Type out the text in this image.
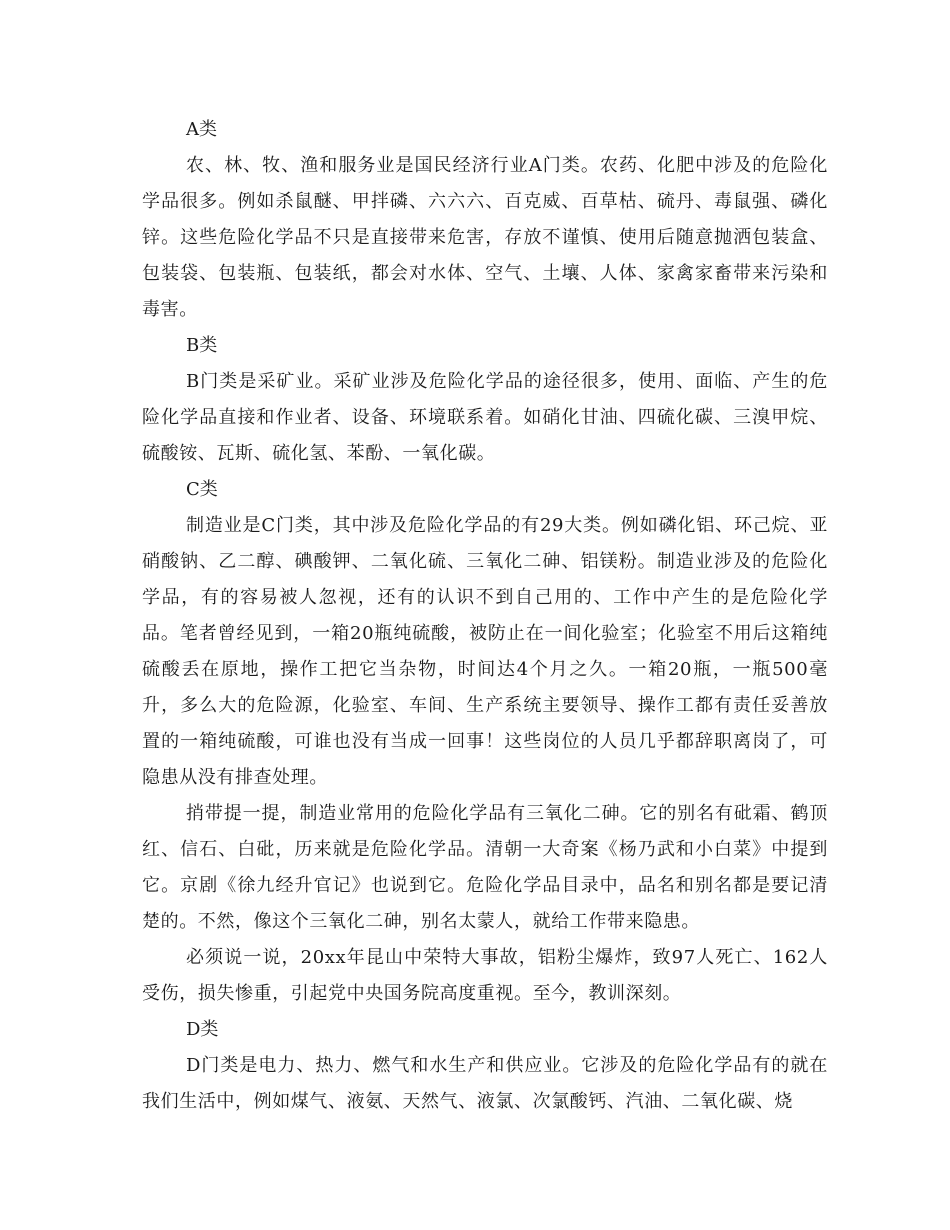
A类

农、林、牧、渔和服务业是国民经济行业A门类。农药、化肥中涉及的危险化学品很多。例如杀鼠醚、甲拌磷、六六六、百克威、百草枯、硫丹、毒鼠强、磷化锌。这些危险化学品不只是直接带来危害，存放不谨慎、使用后随意抛洒包装盒、包装袋、包装瓶、包装纸，都会对水体、空气、土壤、人体、家禽家畜带来污染和毒害。

B类

B门类是采矿业。采矿业涉及危险化学品的途径很多，使用、面临、产生的危险化学品直接和作业者、设备、环境联系着。如硝化甘油、四硫化碳、三溴甲烷、硫酸铵、瓦斯、硫化氢、苯酚、一氧化碳。

C类

制造业是C门类，其中涉及危险化学品的有29大类。例如磷化铝、环己烷、亚硝酸钠、乙二醇、碘酸钾、二氧化硫、三氧化二砷、铝镁粉。制造业涉及的危险化学品，有的容易被人忽视，还有的认识不到自己用的、工作中产生的是危险化学品。笔者曾经见到，一箱20瓶纯硫酸，被防止在一间化验室；化验室不用后这箱纯硫酸丢在原地，操作工把它当杂物，时间达4个月之久。一箱20瓶，一瓶500毫升，多么大的危险源，化验室、车间、生产系统主要领导、操作工都有责任妥善放置的一箱纯硫酸，可谁也没有当成一回事！这些岗位的人员几乎都辞职离岗了，可隐患从没有排查处理。

捎带提一提，制造业常用的危险化学品有三氧化二砷。它的别名有砒霜、鹤顶红、信石、白砒，历来就是危险化学品。清朝一大奇案《杨乃武和小白菜》中提到它。京剧《徐九经升官记》也说到它。危险化学品目录中，品名和别名都是要记清楚的。不然，像这个三氧化二砷，别名太蒙人，就给工作带来隐患。

必须说一说，20xx年昆山中荣特大事故，铝粉尘爆炸，致97人死亡、162人受伤，损失惨重，引起党中央国务院高度重视。至今，教训深刻。

D类

D门类是电力、热力、燃气和水生产和供应业。它涉及的危险化学品有的就在我们生活中，例如煤气、液氨、天然气、液氯、次氯酸钙、汽油、二氧化碳、烧
